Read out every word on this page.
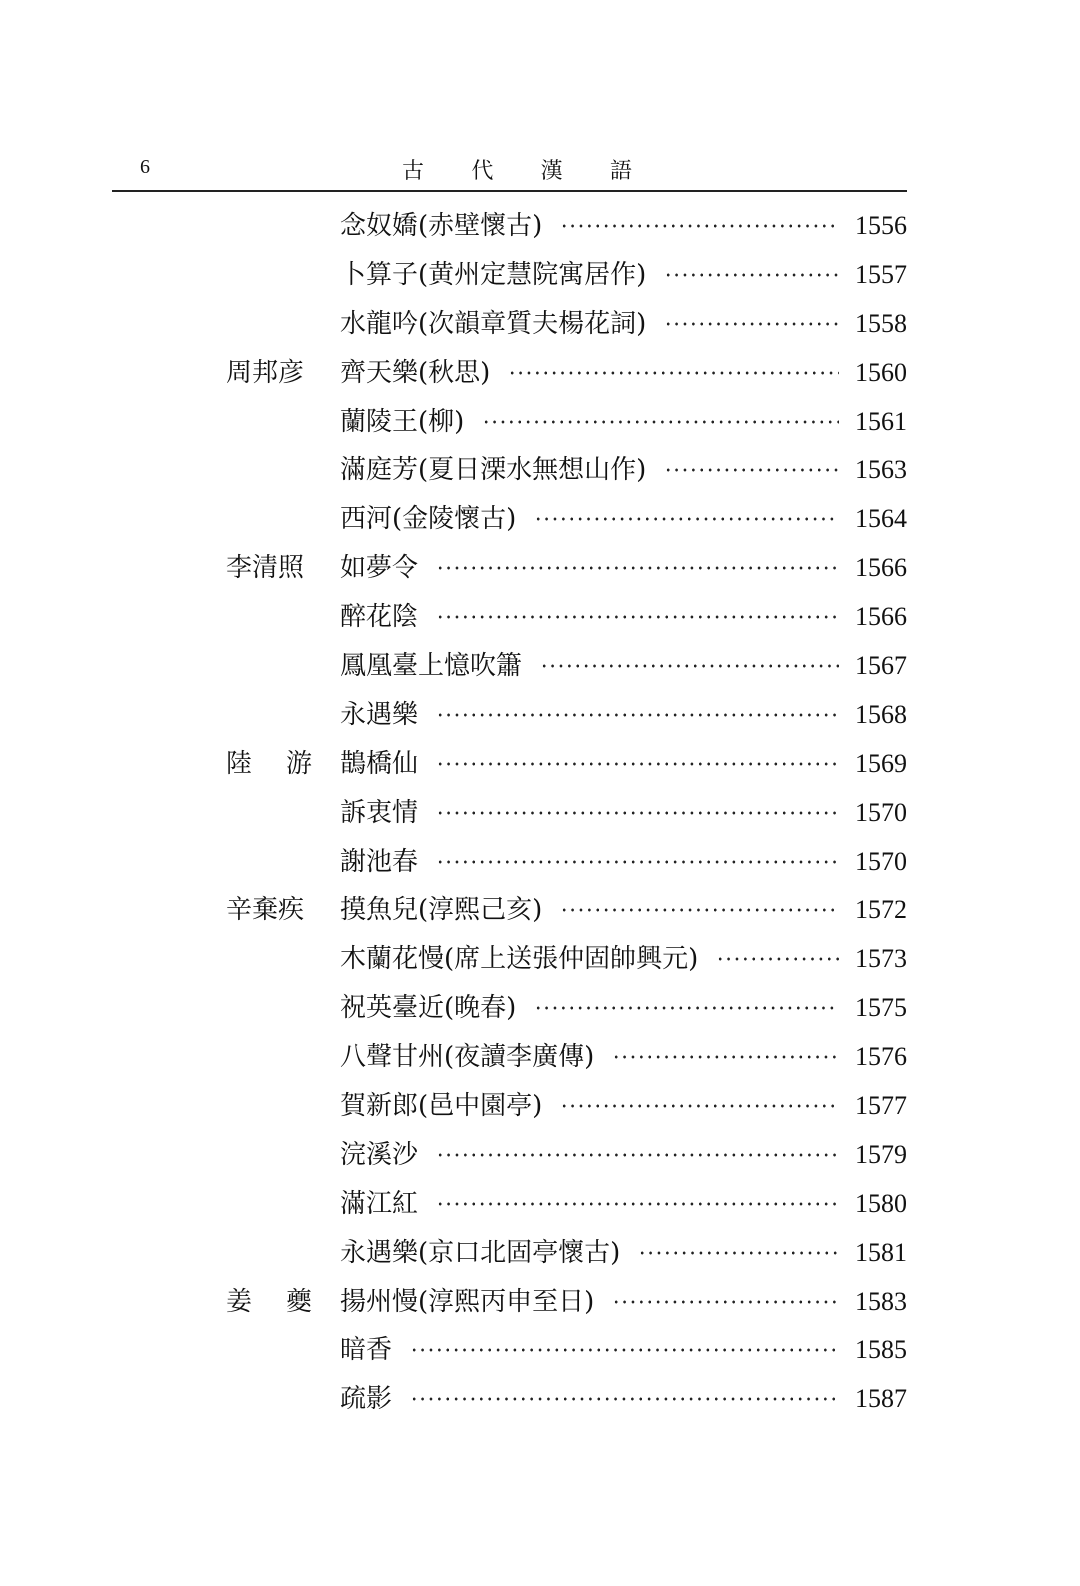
6	古 代 漢 語
念奴嬌(赤壁懷古)	1556
卜算子(黄州定慧院寓居作)	1557
水龍吟(次韻章質夫楊花詞)	1558
周邦彦 齊天樂(秋思)	1560
蘭陵王(柳)	1561
滿庭芳(夏日溧水無想山作)	1563
西河(金陵懷古)	1564
李清照 如夢令	1566
醉花陰	1566
鳳凰臺上憶吹簫	1567
永遇樂	1568
陸 游 鵲橋仙	1569
訴衷情	1570
謝池春	1570
辛棄疾 摸魚兒(淳熙己亥)	1572
木蘭花慢(席上送張仲固帥興元)	1573
祝英臺近(晚春)	1575
八聲甘州(夜讀李廣傳)	1576
賀新郎(邑中園亭)	1577
浣溪沙	1579
滿江紅	1580
永遇樂(京口北固亭懷古)	1581
姜 夔 揚州慢(淳熙丙申至日)	1583
暗香	1585
疏影	1587
